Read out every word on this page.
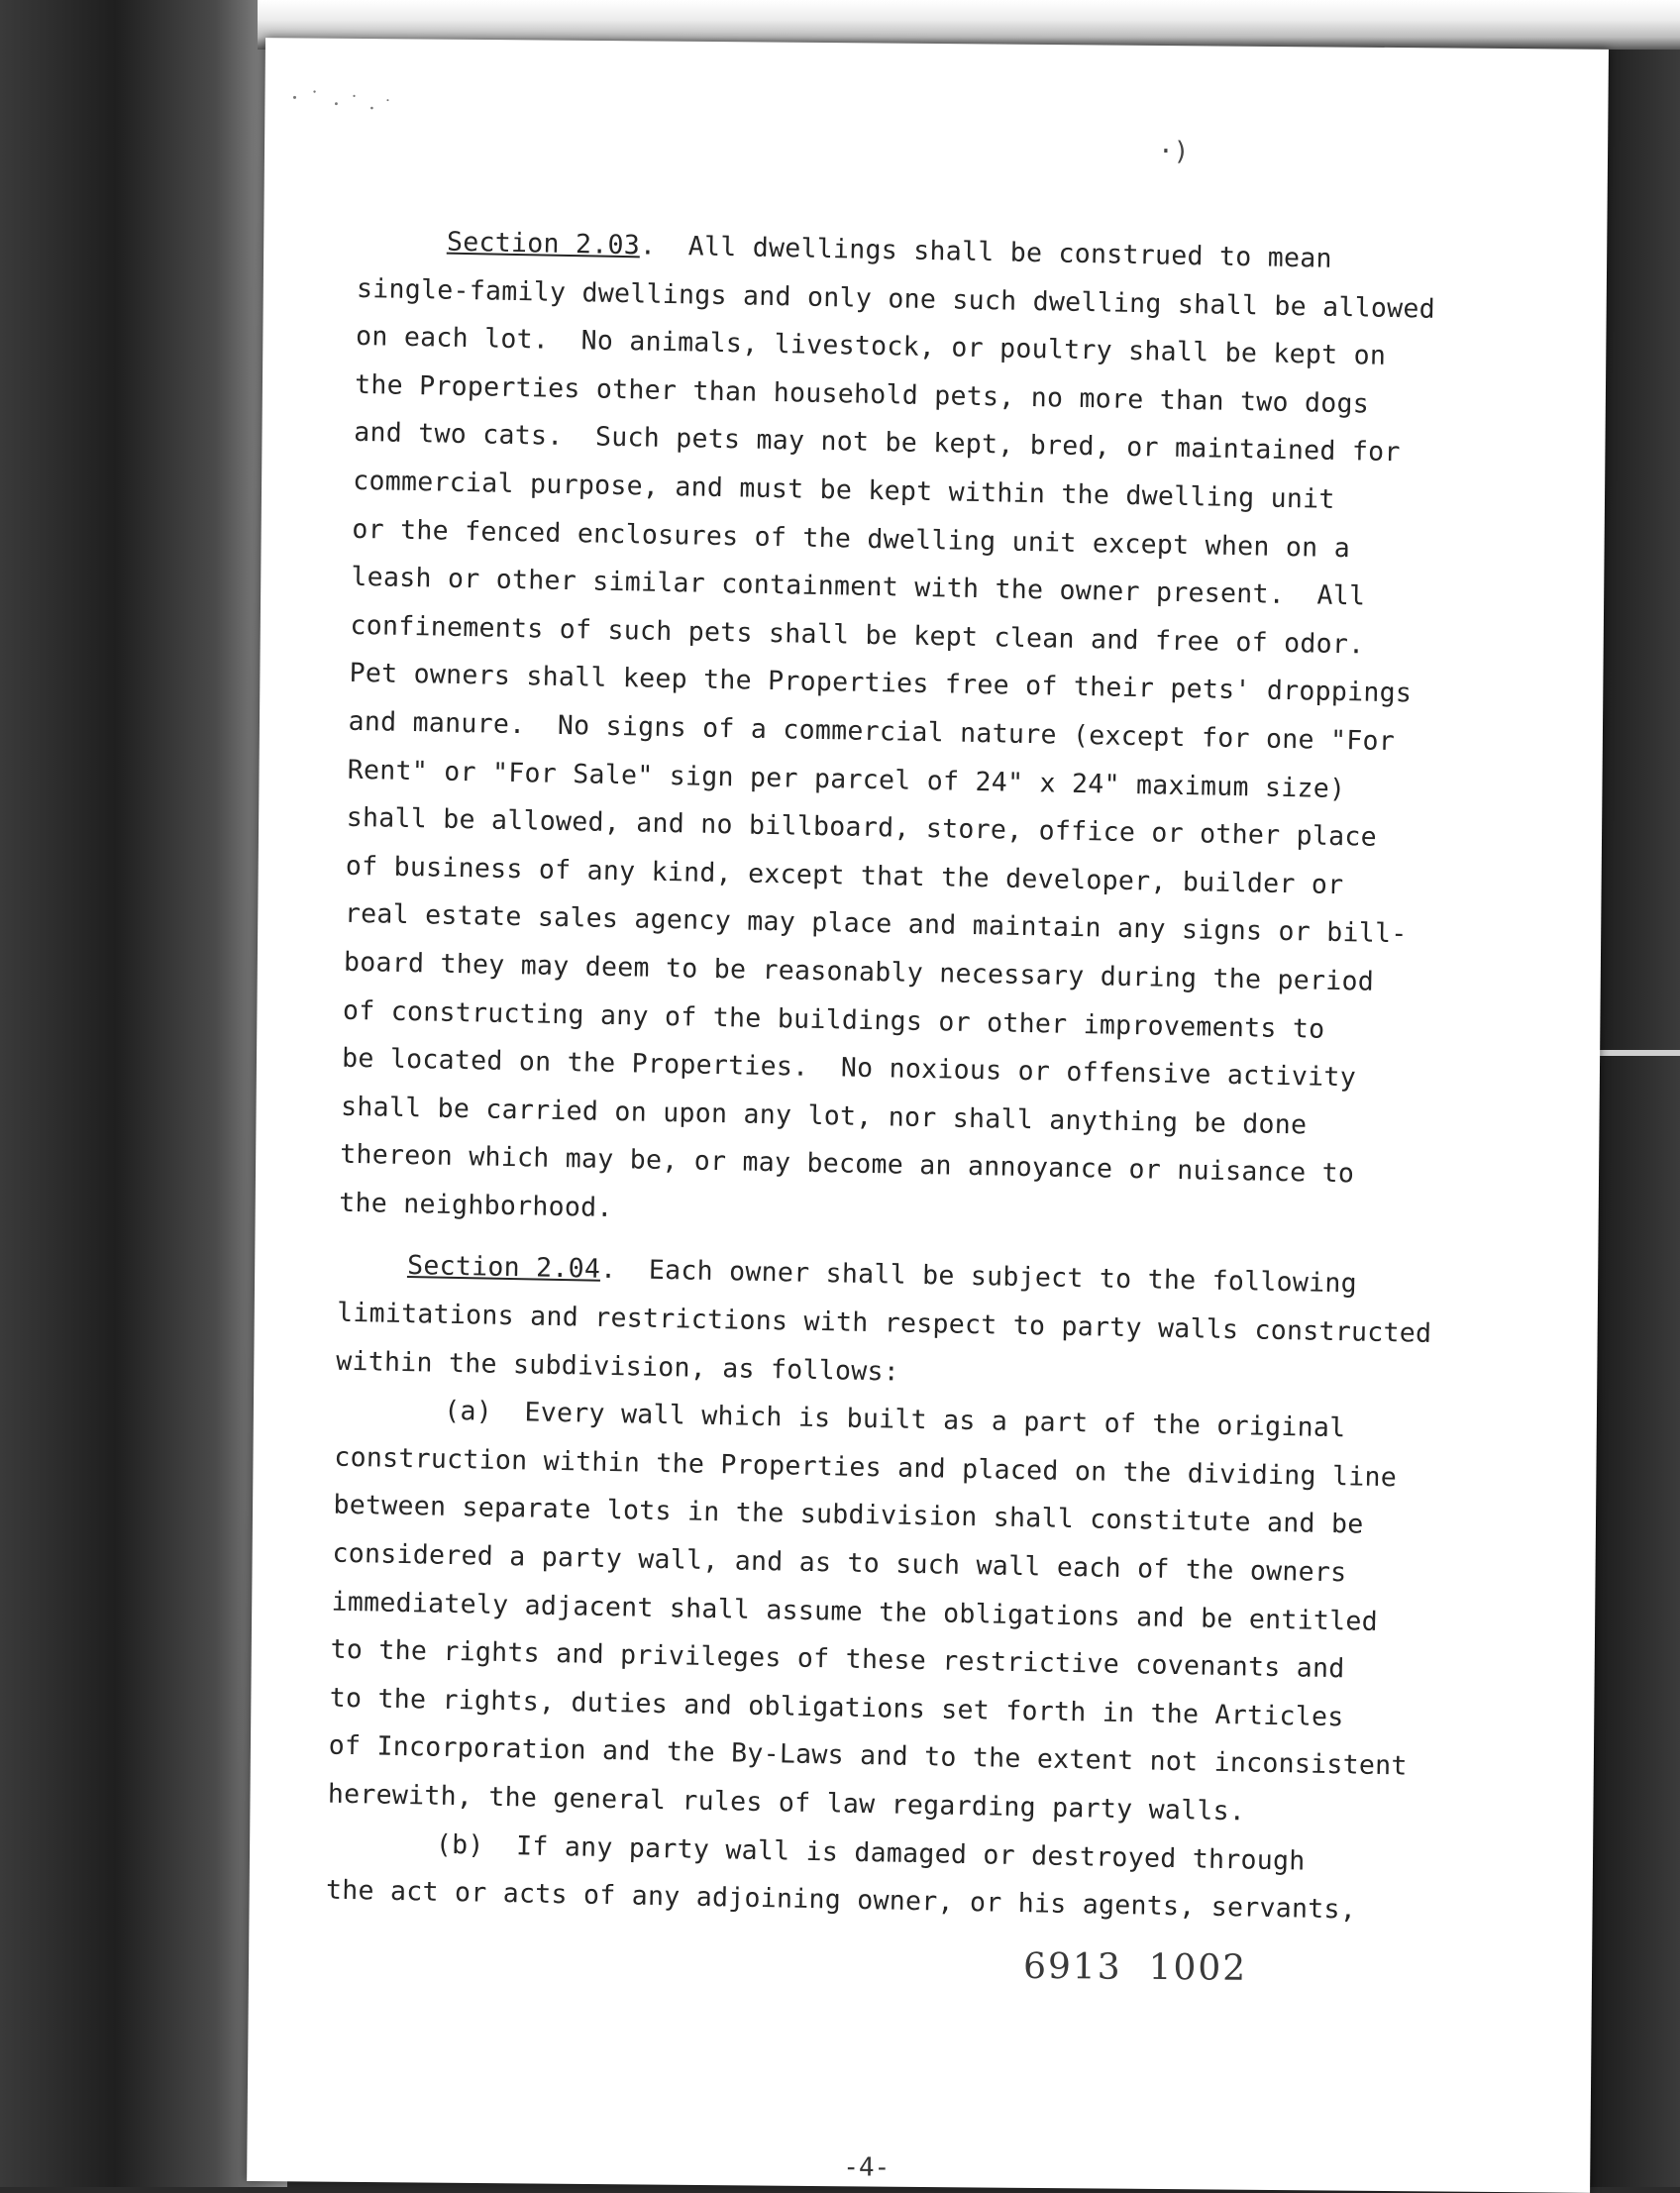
·)
Section 2.03.  All dwellings shall be construed to mean
single-family dwellings and only one such dwelling shall be allowed
on each lot.  No animals, livestock, or poultry shall be kept on
the Properties other than household pets, no more than two dogs
and two cats.  Such pets may not be kept, bred, or maintained for
commercial purpose, and must be kept within the dwelling unit
or the fenced enclosures of the dwelling unit except when on a
leash or other similar containment with the owner present.  All
confinements of such pets shall be kept clean and free of odor.
Pet owners shall keep the Properties free of their pets' droppings
and manure.  No signs of a commercial nature (except for one "For
Rent" or "For Sale" sign per parcel of 24" x 24" maximum size)
shall be allowed, and no billboard, store, office or other place
of business of any kind, except that the developer, builder or
real estate sales agency may place and maintain any signs or bill-
board they may deem to be reasonably necessary during the period
of constructing any of the buildings or other improvements to
be located on the Properties.  No noxious or offensive activity
shall be carried on upon any lot, nor shall anything be done
thereon which may be, or may become an annoyance or nuisance to
the neighborhood.
Section 2.04.  Each owner shall be subject to the following
limitations and restrictions with respect to party walls constructed
within the subdivision, as follows:
(a)  Every wall which is built as a part of the original
construction within the Properties and placed on the dividing line
between separate lots in the subdivision shall constitute and be
considered a party wall, and as to such wall each of the owners
immediately adjacent shall assume the obligations and be entitled
to the rights and privileges of these restrictive covenants and
to the rights, duties and obligations set forth in the Articles
of Incorporation and the By-Laws and to the extent not inconsistent
herewith, the general rules of law regarding party walls.
(b)  If any party wall is damaged or destroyed through
the act or acts of any adjoining owner, or his agents, servants,
6913 ⁠ 1002
-4-
